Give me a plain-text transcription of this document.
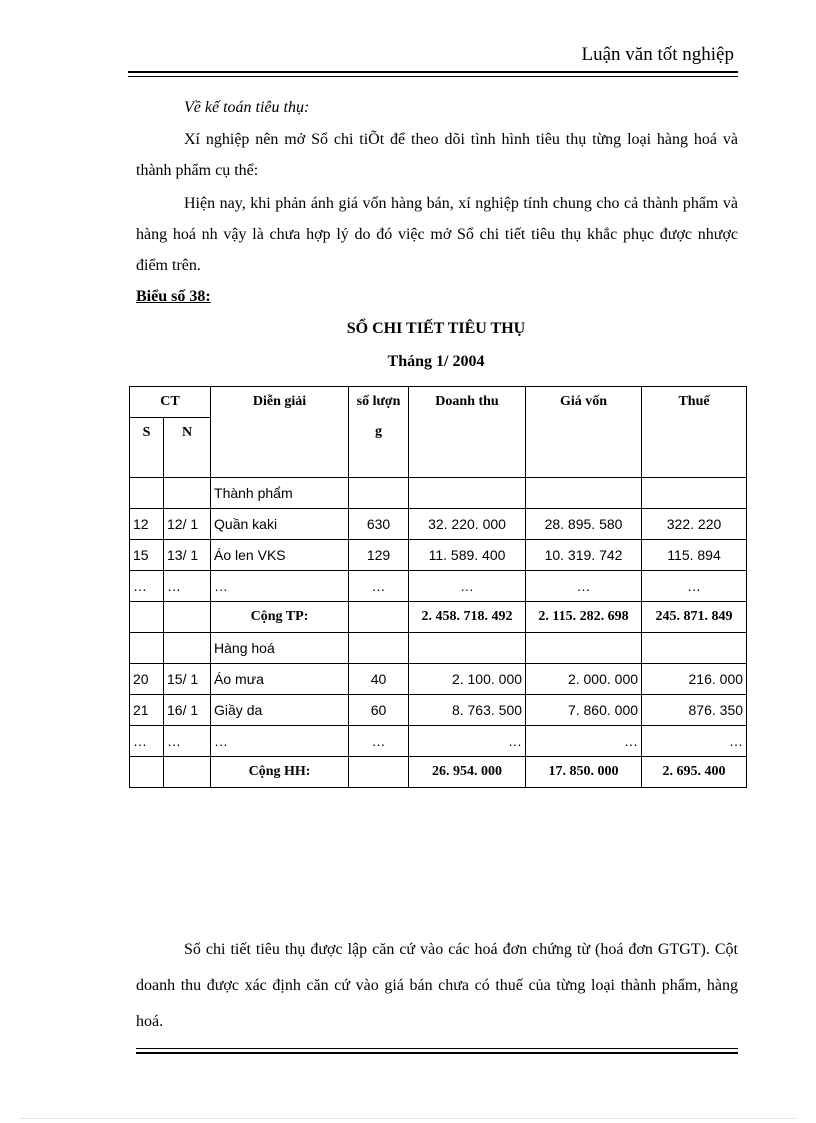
Luận văn tốt nghiệp
Về kế toán tiêu thụ:
Xí nghiệp nên mở Sổ chi tiÕt để theo dõi tình hình tiêu thụ từng loại hàng hoá và thành phẩm cụ thể:
Hiện nay, khi phản ánh giá vốn hàng bán, xí nghiệp tính chung cho cả thành phẩm và hàng hoá nh vậy là chưa hợp lý do đó việc mở Sổ chi tiết tiêu thụ khắc phục được nhược điểm trên.
Biểu số 38:
SỔ CHI TIẾT TIÊU THỤ
Tháng 1/ 2004
CT		Diễn giải	số lượn g	Doanh thu	Giá vốn	Thuế
S	N					
		Thành phẩm				
12	12/ 1	Quần kaki	630	32. 220. 000	28. 895. 580	322. 220
15	13/ 1	Áo len VKS	129	11. 589. 400	10. 319. 742	115. 894
…	…	…	…	…	…	…
		Cộng TP:		2. 458. 718. 492	2. 115. 282. 698	245. 871. 849
		Hàng hoá				
20	15/ 1	Áo mưa	40	2. 100. 000	2. 000. 000	216. 000
21	16/ 1	Giầy da	60	8. 763. 500	7. 860. 000	876. 350
…	…	…	…	…	…	…
		Cộng HH:		26. 954. 000	17. 850. 000	2. 695. 400
Sổ chi tiết tiêu thụ được lập căn cứ vào các hoá đơn chứng từ (hoá đơn GTGT). Cột doanh thu được xác định căn cứ vào giá bán chưa có thuế của từng loại thành phẩm, hàng hoá.
